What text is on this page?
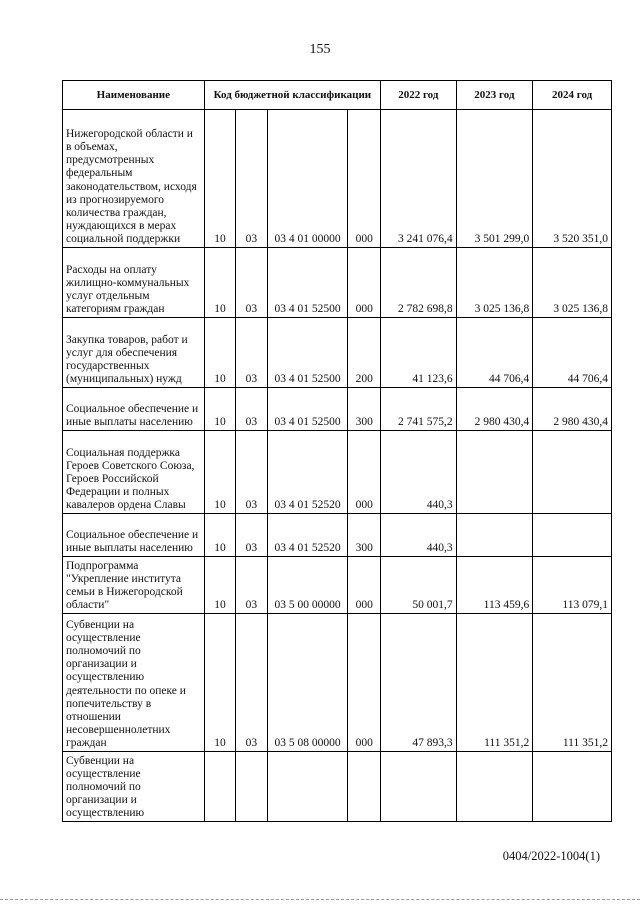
155
Наименование	Код бюджетной классификации				2022 год	2023 год	2024 год
Нижегородской области и в объемах, предусмотренных федеральным законодательством, исходя из прогнозируемого количества граждан, нуждающихся в мерах социальной поддержки	10	03	03 4 01 00000	000	3 241 076,4	3 501 299,0	3 520 351,0
Расходы на оплату жилищно-коммунальных услуг отдельным категориям граждан	10	03	03 4 01 52500	000	2 782 698,8	3 025 136,8	3 025 136,8
Закупка товаров, работ и услуг для обеспечения государственных (муниципальных) нужд	10	03	03 4 01 52500	200	41 123,6	44 706,4	44 706,4
Социальное обеспечение и иные выплаты населению	10	03	03 4 01 52500	300	2 741 575,2	2 980 430,4	2 980 430,4
Социальная поддержка Героев Советского Союза, Героев Российской Федерации и полных кавалеров ордена Славы	10	03	03 4 01 52520	000	440,3		
Социальное обеспечение и иные выплаты населению	10	03	03 4 01 52520	300	440,3		
Подпрограмма "Укрепление института семьи в Нижегородской области"	10	03	03 5 00 00000	000	50 001,7	113 459,6	113 079,1
Субвенции на осуществление полномочий по организации и осуществлению деятельности по опеке и попечительству в отношении несовершеннолетних граждан	10	03	03 5 08 00000	000	47 893,3	111 351,2	111 351,2
Субвенции на осуществление полномочий по организации и осуществлению							
0404/2022-1004(1)
